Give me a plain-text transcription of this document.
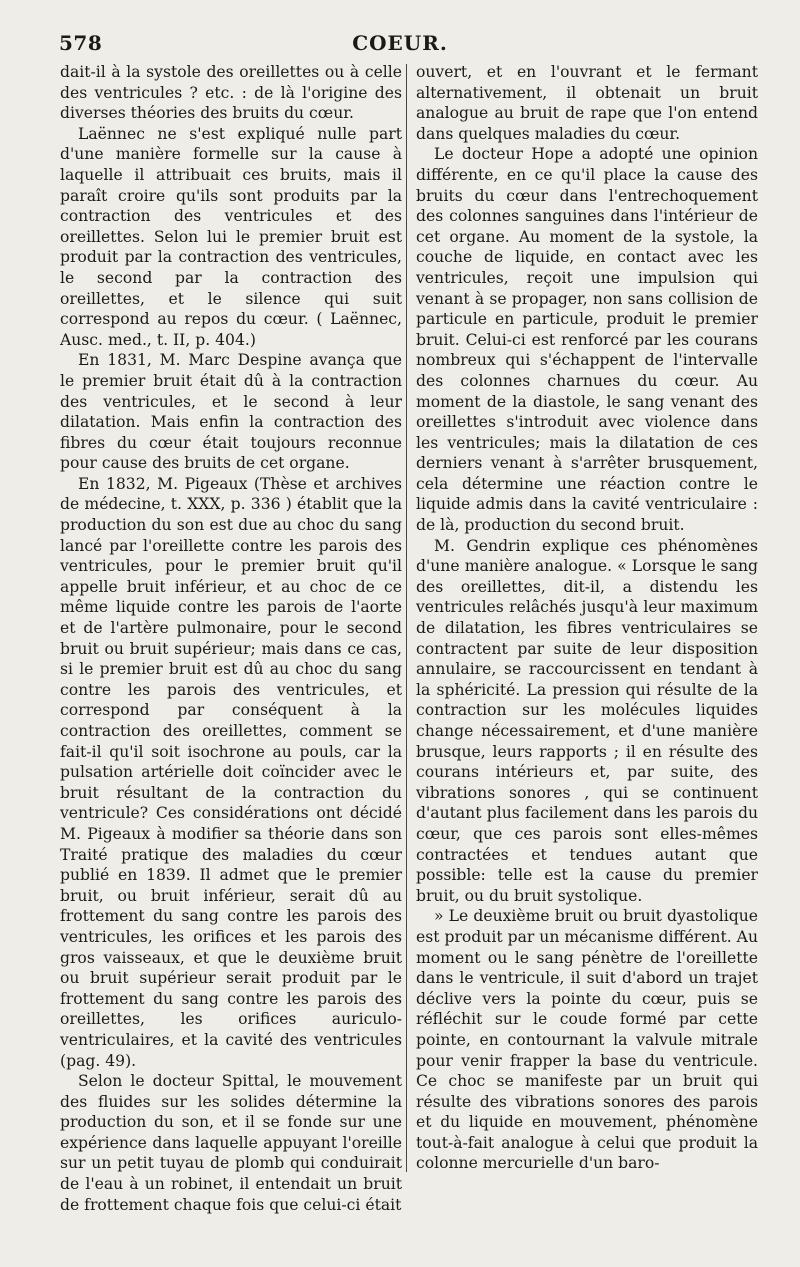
578	COEUR.

dait-il à la systole des oreillettes ou à celle des ventricules ? etc. : de là l'origine des diverses théories des bruits du cœur.

Laënnec ne s'est expliqué nulle part d'une manière formelle sur la cause à laquelle il attribuait ces bruits, mais il paraît croire qu'ils sont produits par la contraction des ventricules et des oreillettes. Selon lui le premier bruit est produit par la contraction des ventricules, le second par la contraction des oreillettes, et le silence qui suit correspond au repos du cœur. ( Laënnec, Ausc. med., t. II, p. 404.)

En 1831, M. Marc Despine avança que le premier bruit était dû à la contraction des ventricules, et le second à leur dilatation. Mais enfin la contraction des fibres du cœur était toujours reconnue pour cause des bruits de cet organe.

En 1832, M. Pigeaux (Thèse et archives de médecine, t. XXX, p. 336 ) établit que la production du son est due au choc du sang lancé par l'oreillette contre les parois des ventricules, pour le premier bruit qu'il appelle bruit inférieur, et au choc de ce même liquide contre les parois de l'aorte et de l'artère pulmonaire, pour le second bruit ou bruit supérieur; mais dans ce cas, si le premier bruit est dû au choc du sang contre les parois des ventricules, et correspond par conséquent à la contraction des oreillettes, comment se fait-il qu'il soit isochrone au pouls, car la pulsation artérielle doit coïncider avec le bruit résultant de la contraction du ventricule? Ces considérations ont décidé M. Pigeaux à modifier sa théorie dans son Traité pratique des maladies du cœur publié en 1839. Il admet que le premier bruit, ou bruit inférieur, serait dû au frottement du sang contre les parois des ventricules, les orifices et les parois des gros vaisseaux, et que le deuxième bruit ou bruit supérieur serait produit par le frottement du sang contre les parois des oreillettes, les orifices auriculo-ventriculaires, et la cavité des ventricules (pag. 49).

Selon le docteur Spittal, le mouvement des fluides sur les solides détermine la production du son, et il se fonde sur une expérience dans laquelle appuyant l'oreille sur un petit tuyau de plomb qui conduirait de l'eau à un robinet, il entendait un bruit de frottement chaque fois que celui-ci était

ouvert, et en l'ouvrant et le fermant alternativement, il obtenait un bruit analogue au bruit de rape que l'on entend dans quelques maladies du cœur.

Le docteur Hope a adopté une opinion différente, en ce qu'il place la cause des bruits du cœur dans l'entrechoquement des colonnes sanguines dans l'intérieur de cet organe. Au moment de la systole, la couche de liquide, en contact avec les ventricules, reçoit une impulsion qui venant à se propager, non sans collision de particule en particule, produit le premier bruit. Celui-ci est renforcé par les courans nombreux qui s'échappent de l'intervalle des colonnes charnues du cœur. Au moment de la diastole, le sang venant des oreillettes s'introduit avec violence dans les ventricules; mais la dilatation de ces derniers venant à s'arrêter brusquement, cela détermine une réaction contre le liquide admis dans la cavité ventriculaire : de là, production du second bruit.

M. Gendrin explique ces phénomènes d'une manière analogue. « Lorsque le sang des oreillettes, dit-il, a distendu les ventricules relâchés jusqu'à leur maximum de dilatation, les fibres ventriculaires se contractent par suite de leur disposition annulaire, se raccourcissent en tendant à la sphéricité. La pression qui résulte de la contraction sur les molécules liquides change nécessairement, et d'une manière brusque, leurs rapports ; il en résulte des courans intérieurs et, par suite, des vibrations sonores , qui se continuent d'autant plus facilement dans les parois du cœur, que ces parois sont elles-mêmes contractées et tendues autant que possible: telle est la cause du premier bruit, ou du bruit systolique.

» Le deuxième bruit ou bruit dyastolique est produit par un mécanisme différent. Au moment ou le sang pénètre de l'oreillette dans le ventricule, il suit d'abord un trajet déclive vers la pointe du cœur, puis se réfléchit sur le coude formé par cette pointe, en contournant la valvule mitrale pour venir frapper la base du ventricule. Ce choc se manifeste par un bruit qui résulte des vibrations sonores des parois et du liquide en mouvement, phénomène tout-à-fait analogue à celui que produit la colonne mercurielle d'un baro-
